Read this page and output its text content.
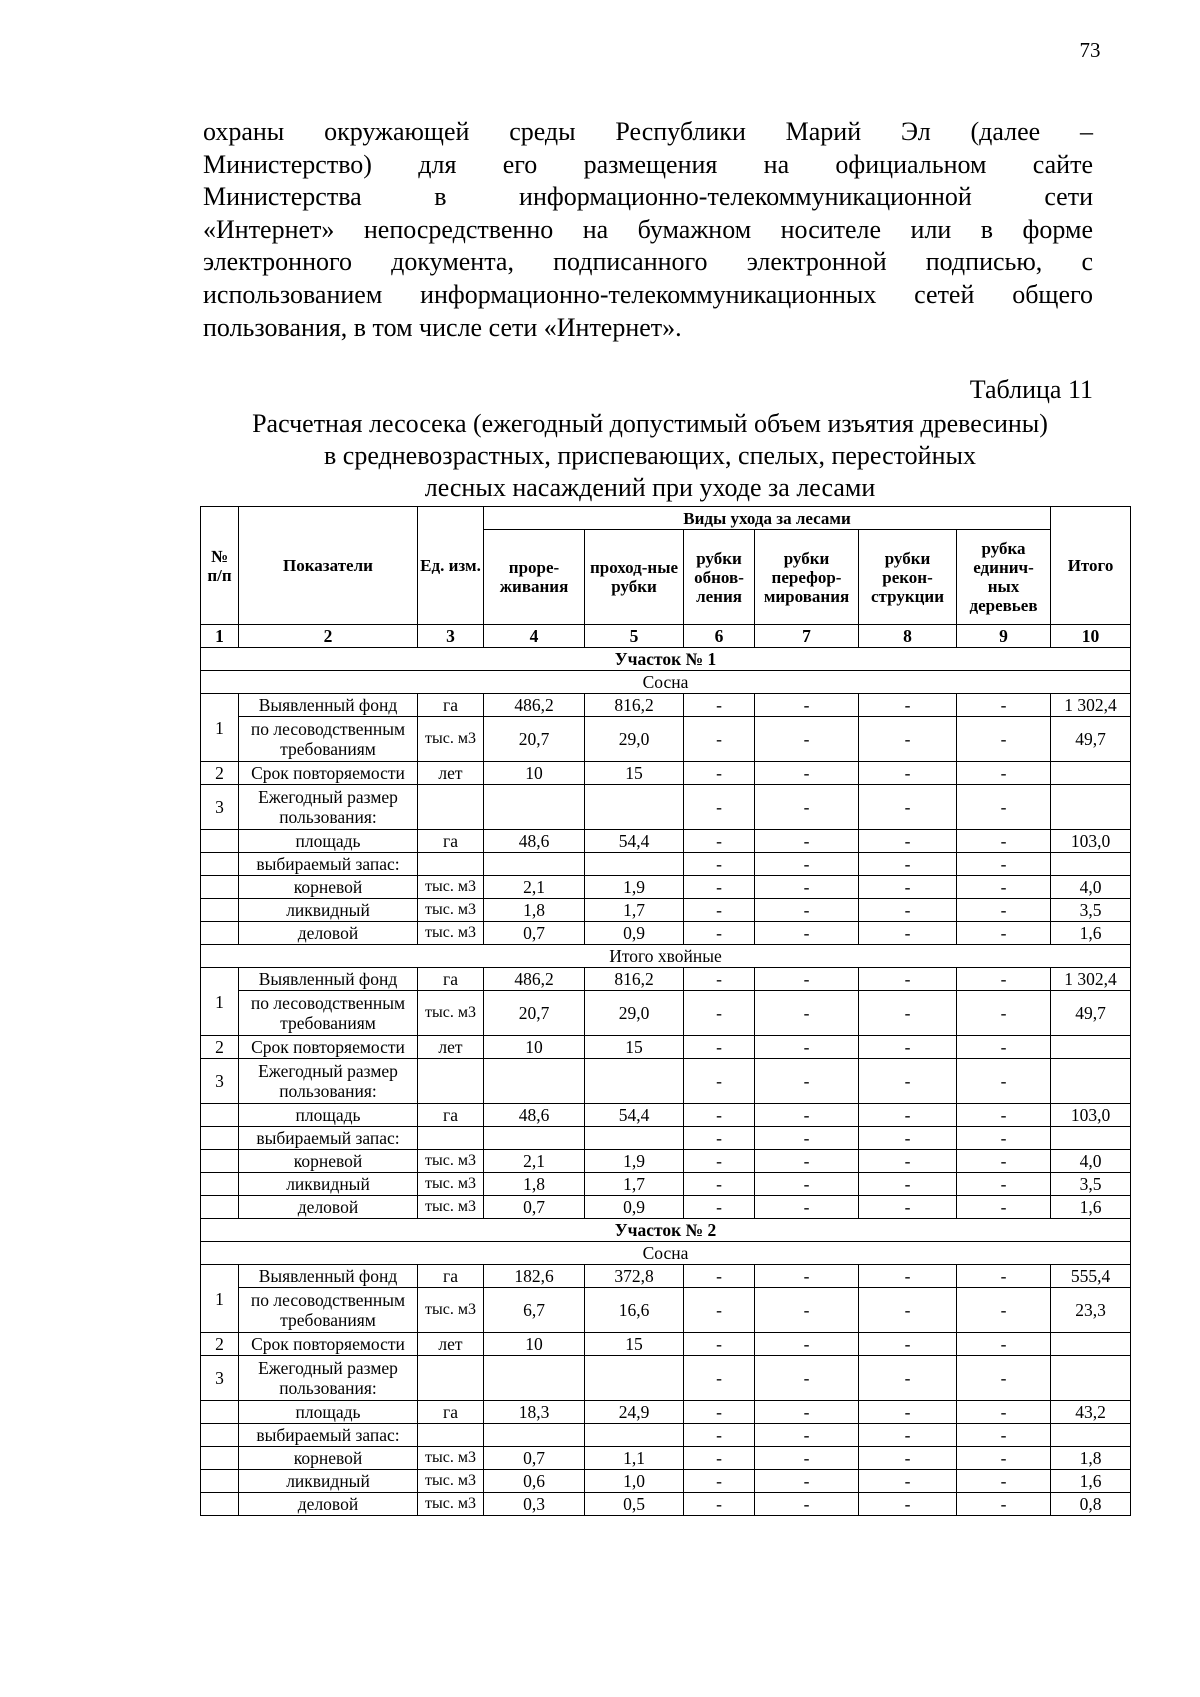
73
охраны окружающей среды Республики Марий Эл (далее –
Министерство) для его размещения на официальном сайте
Министерства в информационно-телекоммуникационной сети
«Интернет» непосредственно на бумажном носителе или в форме
электронного документа, подписанного электронной подписью, с
использованием информационно-телекоммуникационных сетей общего
пользования, в том числе сети «Интернет».
Таблица 11
Расчетная лесосека (ежегодный допустимый объем изъятия древесины)
в средневозрастных, приспевающих, спелых, перестойных
лесных насаждений при уходе за лесами
№ п/п	Показатели	Ед. изм.	Виды ухода за лесами						Итого
			проре-живания	проход-ные рубки	рубки обнов-ления	рубки перефор-мирования	рубки рекон-струкции	рубка единич-ных деревьев	
1	2	3	4	5	6	7	8	9	10
Участок № 1									
Сосна									
1	Выявленный фонд	га	486,2	816,2	-	-	-	-	1 302,4
	по лесоводственным требованиям	тыс. м3	20,7	29,0	-	-	-	-	49,7
2	Срок повторяемости	лет	10	15	-	-	-	-	
3	Ежегодный размер пользования:				-	-	-	-	
	площадь	га	48,6	54,4	-	-	-	-	103,0
	выбираемый запас:				-	-	-	-	
	корневой	тыс. м3	2,1	1,9	-	-	-	-	4,0
	ликвидный	тыс. м3	1,8	1,7	-	-	-	-	3,5
	деловой	тыс. м3	0,7	0,9	-	-	-	-	1,6
Итого хвойные									
1	Выявленный фонд	га	486,2	816,2	-	-	-	-	1 302,4
	по лесоводственным требованиям	тыс. м3	20,7	29,0	-	-	-	-	49,7
2	Срок повторяемости	лет	10	15	-	-	-	-	
3	Ежегодный размер пользования:				-	-	-	-	
	площадь	га	48,6	54,4	-	-	-	-	103,0
	выбираемый запас:				-	-	-	-	
	корневой	тыс. м3	2,1	1,9	-	-	-	-	4,0
	ликвидный	тыс. м3	1,8	1,7	-	-	-	-	3,5
	деловой	тыс. м3	0,7	0,9	-	-	-	-	1,6
Участок № 2									
Сосна									
1	Выявленный фонд	га	182,6	372,8	-	-	-	-	555,4
	по лесоводственным требованиям	тыс. м3	6,7	16,6	-	-	-	-	23,3
2	Срок повторяемости	лет	10	15	-	-	-	-	
3	Ежегодный размер пользования:				-	-	-	-	
	площадь	га	18,3	24,9	-	-	-	-	43,2
	выбираемый запас:				-	-	-	-	
	корневой	тыс. м3	0,7	1,1	-	-	-	-	1,8
	ликвидный	тыс. м3	0,6	1,0	-	-	-	-	1,6
	деловой	тыс. м3	0,3	0,5	-	-	-	-	0,8
